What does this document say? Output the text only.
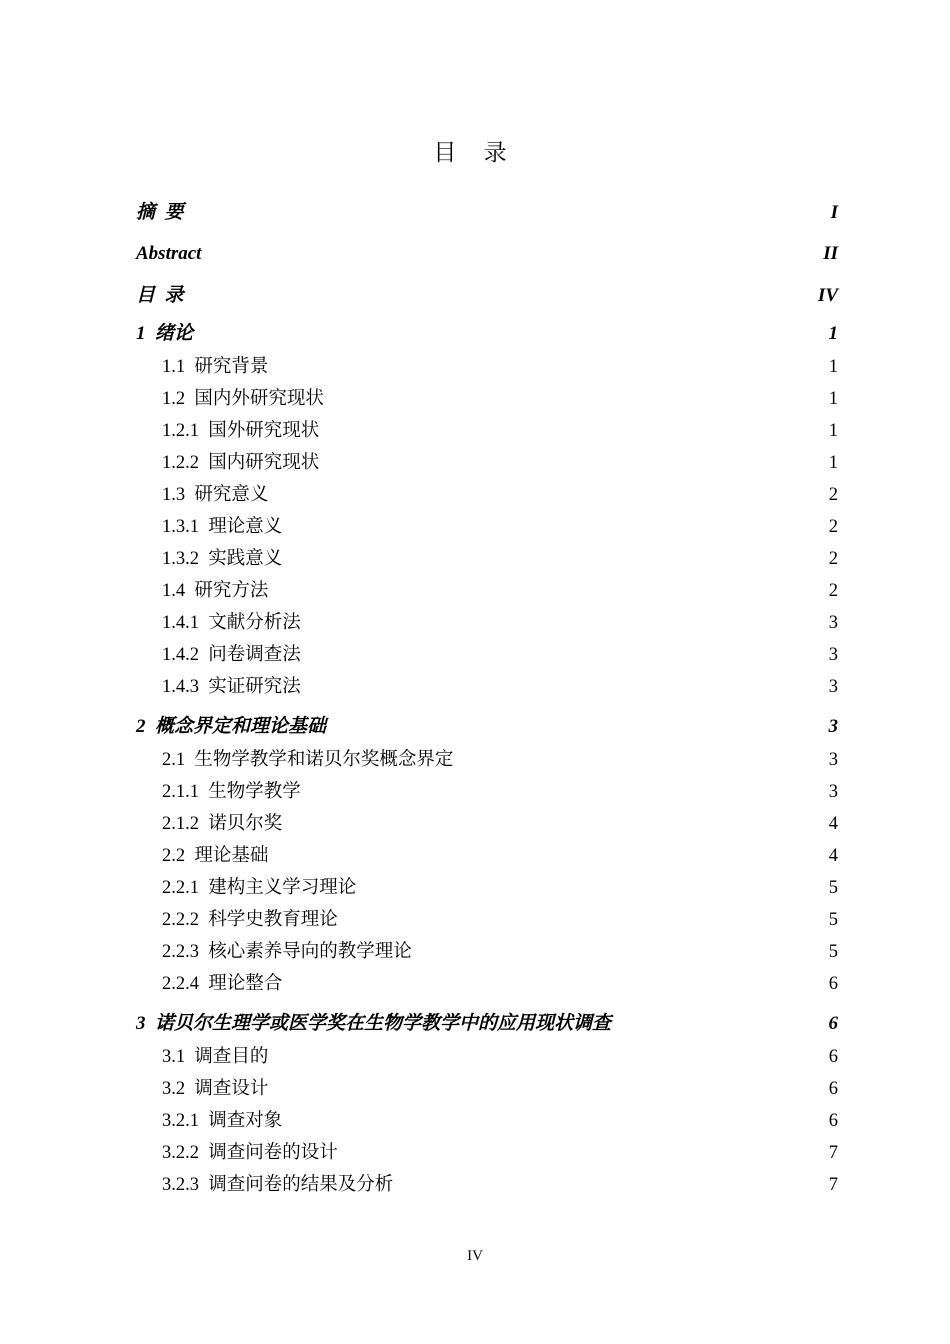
目 录
摘  要	I
Abstract	II
目  录	IV
1  绪论	1
1.1  研究背景	1
1.2  国内外研究现状	1
1.2.1  国外研究现状	1
1.2.2  国内研究现状	1
1.3  研究意义	2
1.3.1  理论意义	2
1.3.2  实践意义	2
1.4  研究方法	2
1.4.1  文献分析法	3
1.4.2  问卷调查法	3
1.4.3  实证研究法	3
2  概念界定和理论基础	3
2.1  生物学教学和诺贝尔奖概念界定	3
2.1.1  生物学教学	3
2.1.2  诺贝尔奖	4
2.2  理论基础	4
2.2.1  建构主义学习理论	5
2.2.2  科学史教育理论	5
2.2.3  核心素养导向的教学理论	5
2.2.4  理论整合	6
3  诺贝尔生理学或医学奖在生物学教学中的应用现状调查	6
3.1  调查目的	6
3.2  调查设计	6
3.2.1  调查对象	6
3.2.2  调查问卷的设计	7
3.2.3  调查问卷的结果及分析	7
IV
